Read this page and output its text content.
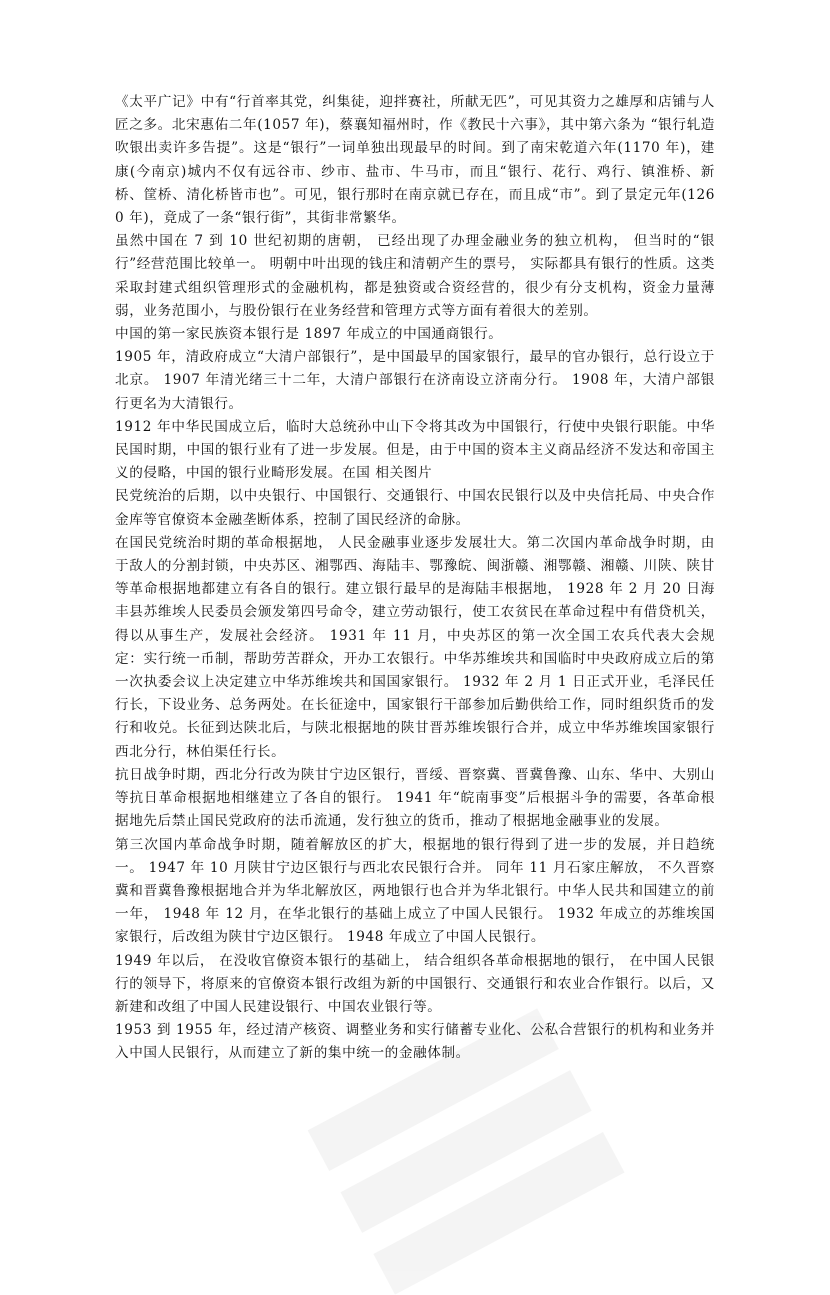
《太平广记》中有“行首率其党，纠集徒，迎拌赛社，所献无匹”，可见其资力之雄厚和店铺与人匠之多。北宋惠佑二年(1057 年)，蔡襄知福州时，作《教民十六事》，其中第六条为 “银行轧造吹银出卖许多告提”。这是“银行”一词单独出现最早的时间。到了南宋乾道六年(1170 年)，建康(今南京)城内不仅有远谷市、纱市、盐市、牛马市，而且“银行、花行、鸡行、镇淮桥、新桥、筐桥、清化桥皆市也”。可见，银行那时在南京就已存在，而且成“市”。到了景定元年(1260 年)，竟成了一条“银行街”，其街非常繁华。

虽然中国在 7 到 10 世纪初期的唐朝， 已经出现了办理金融业务的独立机构， 但当时的“银行”经营范围比较单一。 明朝中叶出现的钱庄和清朝产生的票号， 实际都具有银行的性质。这类采取封建式组织管理形式的金融机构，都是独资或合资经营的，很少有分支机构，资金力量薄弱，业务范围小，与股份银行在业务经营和管理方式等方面有着很大的差别。

中国的第一家民族资本银行是 1897 年成立的中国通商银行。

1905 年，清政府成立“大清户部银行”，是中国最早的国家银行，最早的官办银行，总行设立于北京。 1907 年清光绪三十二年，大清户部银行在济南设立济南分行。 1908 年，大清户部银行更名为大清银行。

1912 年中华民国成立后，临时大总统孙中山下令将其改为中国银行，行使中央银行职能。中华民国时期，中国的银行业有了进一步发展。但是，由于中国的资本主义商品经济不发达和帝国主义的侵略，中国的银行业畸形发展。在国 相关图片

民党统治的后期，以中央银行、中国银行、交通银行、中国农民银行以及中央信托局、中央合作金库等官僚资本金融垄断体系，控制了国民经济的命脉。

在国民党统治时期的革命根据地， 人民金融事业逐步发展壮大。第二次国内革命战争时期，由于敌人的分割封锁，中央苏区、湘鄂西、海陆丰、鄂豫皖、闽浙赣、湘鄂赣、湘赣、川陕、陕甘等革命根据地都建立有各自的银行。建立银行最早的是海陆丰根据地， 1928 年 2 月 20 日海丰县苏维埃人民委员会颁发第四号命令，建立劳动银行，使工农贫民在革命过程中有借贷机关，得以从事生产，发展社会经济。 1931 年 11 月，中央苏区的第一次全国工农兵代表大会规定：实行统一币制，帮助劳苦群众，开办工农银行。中华苏维埃共和国临时中央政府成立后的第一次执委会议上决定建立中华苏维埃共和国国家银行。 1932 年 2 月 1 日正式开业，毛泽民任行长，下设业务、总务两处。在长征途中，国家银行干部参加后勤供给工作，同时组织货币的发行和收兑。长征到达陕北后，与陕北根据地的陕甘晋苏维埃银行合并，成立中华苏维埃国家银行西北分行，林伯渠任行长。

抗日战争时期，西北分行改为陕甘宁边区银行，晋绥、晋察冀、晋冀鲁豫、山东、华中、大别山等抗日革命根据地相继建立了各自的银行。 1941 年“皖南事变”后根据斗争的需要，各革命根据地先后禁止国民党政府的法币流通，发行独立的货币，推动了根据地金融事业的发展。

第三次国内革命战争时期，随着解放区的扩大，根据地的银行得到了进一步的发展，并日趋统一。 1947 年 10 月陕甘宁边区银行与西北农民银行合并。 同年 11 月石家庄解放， 不久晋察冀和晋冀鲁豫根据地合并为华北解放区，两地银行也合并为华北银行。中华人民共和国建立的前一年， 1948 年 12 月，在华北银行的基础上成立了中国人民银行。 1932 年成立的苏维埃国家银行，后改组为陕甘宁边区银行。 1948 年成立了中国人民银行。

1949 年以后， 在没收官僚资本银行的基础上， 结合组织各革命根据地的银行， 在中国人民银行的领导下，将原来的官僚资本银行改组为新的中国银行、交通银行和农业合作银行。以后，又新建和改组了中国人民建设银行、中国农业银行等。

1953 到 1955 年，经过清产核资、调整业务和实行储蓄专业化、公私合营银行的机构和业务并入中国人民银行，从而建立了新的集中统一的金融体制。
